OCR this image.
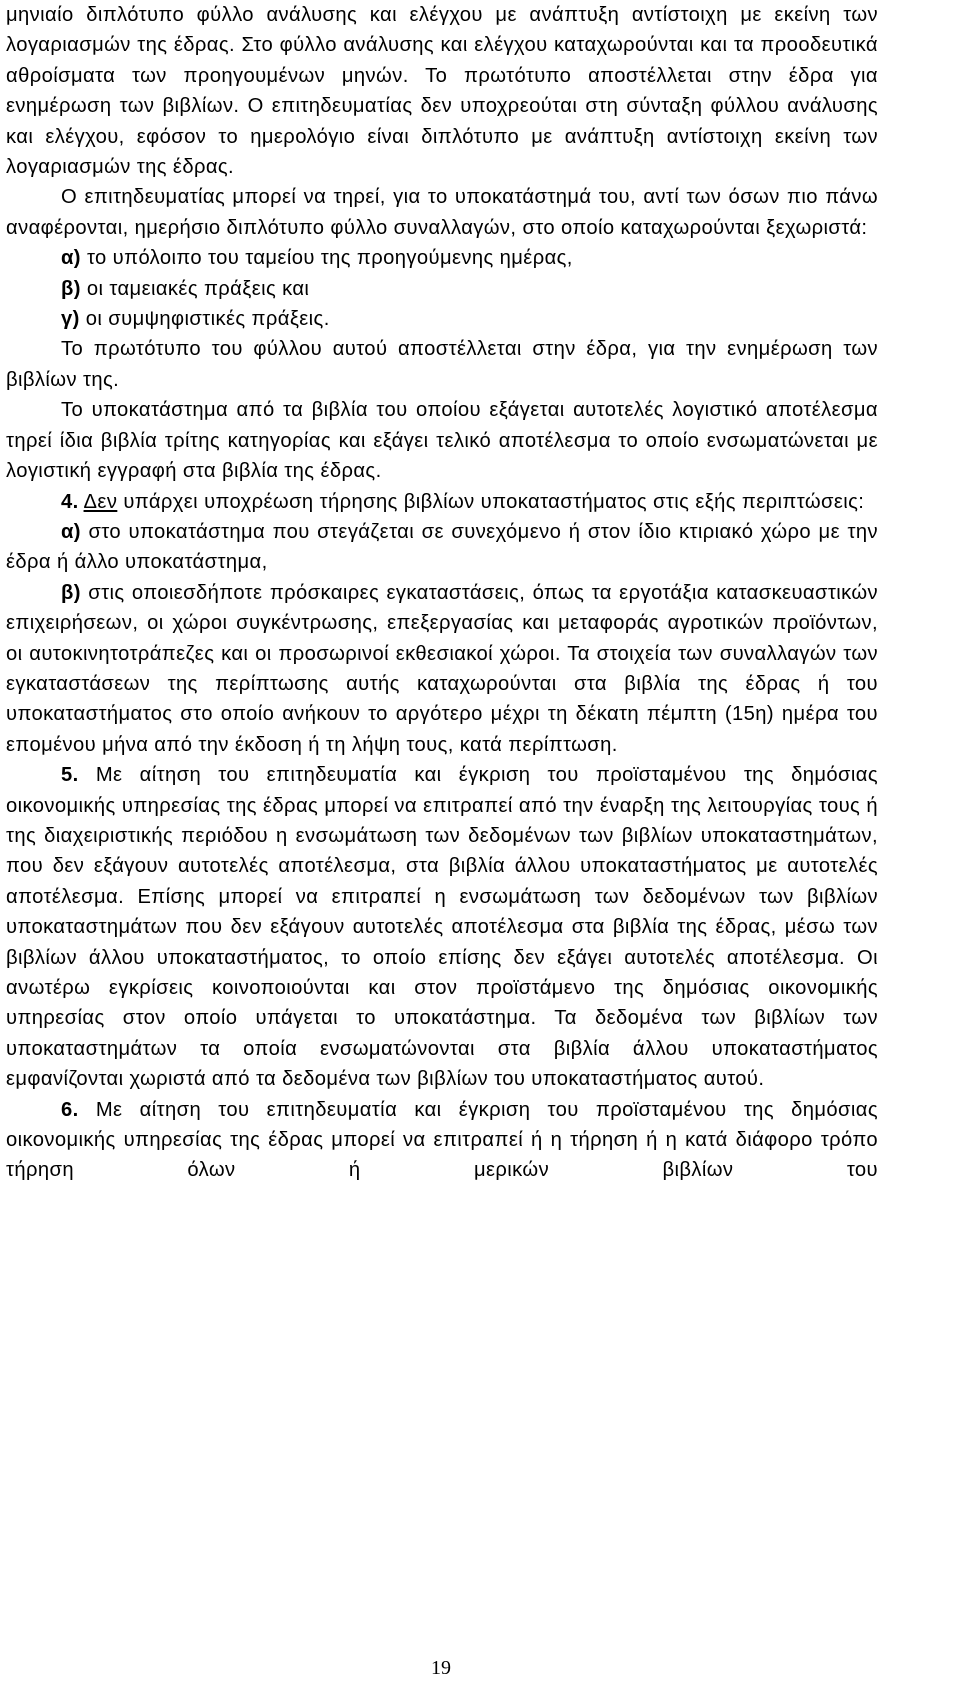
μηνιαίο διπλότυπο φύλλο ανάλυσης και ελέγχου με ανάπτυξη αντίστοιχη με εκείνη των λογαριασμών της έδρας. Στο φύλλο ανάλυσης και ελέγχου καταχωρούνται και τα προοδευτικά αθροίσματα των προηγουμένων μηνών. Το πρωτότυπο αποστέλλεται στην έδρα για ενημέρωση των βιβλίων. Ο επιτηδευματίας δεν υποχρεούται στη σύνταξη φύλλου ανάλυσης και ελέγχου, εφόσον το ημερολόγιο είναι διπλότυπο με ανάπτυξη αντίστοιχη εκείνη των λογαριασμών της έδρας.

Ο επιτηδευματίας μπορεί να τηρεί, για το υποκατάστημά του, αντί των όσων πιο πάνω αναφέρονται, ημερήσιο διπλότυπο φύλλο συναλλαγών, στο οποίο καταχωρούνται ξεχωριστά:

α) το υπόλοιπο του ταμείου της προηγούμενης ημέρας,

β) οι ταμειακές πράξεις και

γ) οι συμψηφιστικές πράξεις.

Το πρωτότυπο του φύλλου αυτού αποστέλλεται στην έδρα, για την ενημέρωση των βιβλίων της.

Το υποκατάστημα από τα βιβλία του οποίου εξάγεται αυτοτελές λογιστικό αποτέλεσμα τηρεί ίδια βιβλία τρίτης κατηγορίας και εξάγει τελικό αποτέλεσμα το οποίο ενσωματώνεται με λογιστική εγγραφή στα βιβλία της έδρας.

4. Δεν υπάρχει υποχρέωση τήρησης βιβλίων υποκαταστήματος στις εξής περιπτώσεις:

α) στο υποκατάστημα που στεγάζεται σε συνεχόμενο ή στον ίδιο κτιριακό χώρο με την έδρα ή άλλο υποκατάστημα,

β) στις οποιεσδήποτε πρόσκαιρες εγκαταστάσεις, όπως τα εργοτάξια κατασκευαστικών επιχειρήσεων, οι χώροι συγκέντρωσης, επεξεργασίας και μεταφοράς αγροτικών προϊόντων, οι αυτοκινητοτράπεζες και οι προσωρινοί εκθεσιακοί χώροι. Τα στοιχεία των συναλλαγών των εγκαταστάσεων της περίπτωσης αυτής καταχωρούνται στα βιβλία της έδρας ή του υποκαταστήματος στο οποίο ανήκουν το αργότερο μέχρι τη δέκατη πέμπτη (15η) ημέρα του επομένου μήνα από την έκδοση ή τη λήψη τους, κατά περίπτωση.

5. Με αίτηση του επιτηδευματία και έγκριση του προϊσταμένου της δημόσιας οικονομικής υπηρεσίας της έδρας μπορεί να επιτραπεί από την έναρξη της λειτουργίας τους ή της διαχειριστικής περιόδου η ενσωμάτωση των δεδομένων των βιβλίων υποκαταστημάτων, που δεν εξάγουν αυτοτελές αποτέλεσμα, στα βιβλία άλλου υποκαταστήματος με αυτοτελές αποτέλεσμα. Επίσης μπορεί να επιτραπεί η ενσωμάτωση των δεδομένων των βιβλίων υποκαταστημάτων που δεν εξάγουν αυτοτελές αποτέλεσμα στα βιβλία της έδρας, μέσω των βιβλίων άλλου υποκαταστήματος, το οποίο επίσης δεν εξάγει αυτοτελές αποτέλεσμα. Οι ανωτέρω εγκρίσεις κοινοποιούνται και στον προϊστάμενο της δημόσιας οικονομικής υπηρεσίας στον οποίο υπάγεται το υποκατάστημα. Τα δεδομένα των βιβλίων των υποκαταστημάτων τα οποία ενσωματώνονται στα βιβλία άλλου υποκαταστήματος εμφανίζονται χωριστά από τα δεδομένα των βιβλίων του υποκαταστήματος αυτού.

6. Με αίτηση του επιτηδευματία και έγκριση του προϊσταμένου της δημόσιας οικονομικής υπηρεσίας της έδρας μπορεί να επιτραπεί ή η τήρηση ή η κατά διάφορο τρόπο τήρηση όλων ή μερικών βιβλίων του

19
